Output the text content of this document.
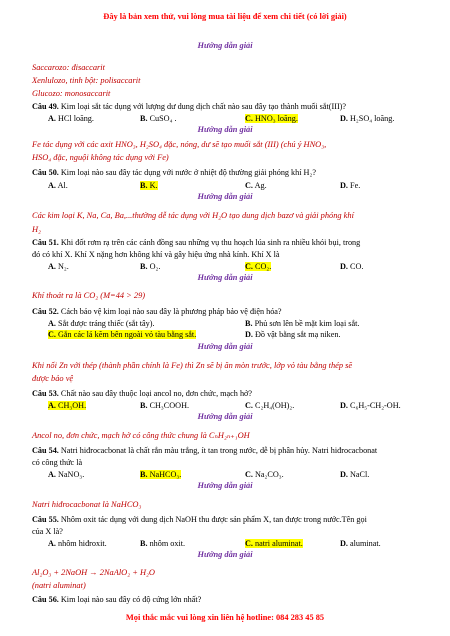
Đây là bản xem thử, vui lòng mua tài liệu để xem chi tiết (có lời giải)
Hướng dẫn giải
Saccarozo: đisaccarit
Xenlulozo, tinh bột: polisaccarit
Glucozo: monosaccarit
Câu 49. Kim loại sắt tác dụng với lượng dư dung dịch chất nào sau đây tạo thành muối sắt(III)?
A. HCl loãng.	B. CuSO₄ .	C. HNO₃ loãng.	D. H₂SO₄ loãng.
Hướng dẫn giải
Fe tác dụng với các axit HNO₃, H₂SO₄ đặc, nóng, dư sẽ tạo muối sắt (III) (chú ý HNO₃,
HSO₄ đặc, nguội không tác dụng với Fe)
Câu 50. Kim loại nào sau đây tác dụng với nước ở nhiệt độ thường giải phóng khí H₂?
A. Al.	B. K.	C. Ag.	D. Fe.
Hướng dẫn giải
Các kim loại K, Na, Ca, Ba,...thường dễ tác dụng với H₂O tạo dung dịch bazơ và giải phóng khí
H₂
Câu 51. Khi đốt rơm rạ trên các cánh đồng sau những vụ thu hoạch lúa sinh ra nhiều khói bụi, trong
đó có khí X. Khí X nặng hơn không khí và gây hiệu ứng nhà kính. Khí X là
A. N₂.	B. O₂.	C. CO₂.	D. CO.
Hướng dẫn giải
Khí thoát ra là CO₂ (M=44 > 29)
Câu 52. Cách bảo vệ kim loại nào sau đây là phương pháp bảo vệ điện hóa?
A. Sắt được tráng thiếc (sắt tây).	B. Phủ sơn lên bề mặt kim loại sắt.
C. Gắn các lá kẽm bên ngoài vỏ tàu bằng sắt.	D. Đồ vật bằng sắt mạ niken.
Hướng dẫn giải
Khi nối Zn với thép (thành phần chính là Fe) thì Zn sẽ bị ăn mòn trước, lớp vỏ tàu bằng thép sẽ
được bảo vệ
Câu 53. Chất nào sau đây thuộc loại ancol no, đơn chức, mạch hở?
A. CH₃OH.	B. CH₃COOH.	C. C₂H₄(OH)₂.	D. C₆H₅-CH₂-OH.
Hướng dẫn giải
Ancol no, đơn chức, mạch hở có công thức chung là CₙH₂ₙ₊₁OH
Câu 54. Natri hiđrocacbonat là chất rắn màu trắng, ít tan trong nước, dễ bị phân hủy. Natri hiđrocacbonat
có công thức là
A. NaNO₃.	B. NaHCO₃.	C. Na₂CO₃.	D. NaCl.
Hướng dẫn giải
Natri hiđrocacbonat là NaHCO₃
Câu 55. Nhôm oxit tác dụng với dung dịch NaOH thu được sản phẩm X, tan được trong nước.Tên gọi
của X là?
A. nhôm hiđroxit.	B. nhôm oxit.	C. natri aluminat.	D. aluminat.
Hướng dẫn giải
Al₂O₃ + 2NaOH → 2NaAlO₂ + H₂O
(natri aluminat)
Câu 56. Kim loại nào sau đây có độ cứng lớn nhất?
Mọi thắc mắc vui lòng xin liên hệ hotline: 084 283 45 85
